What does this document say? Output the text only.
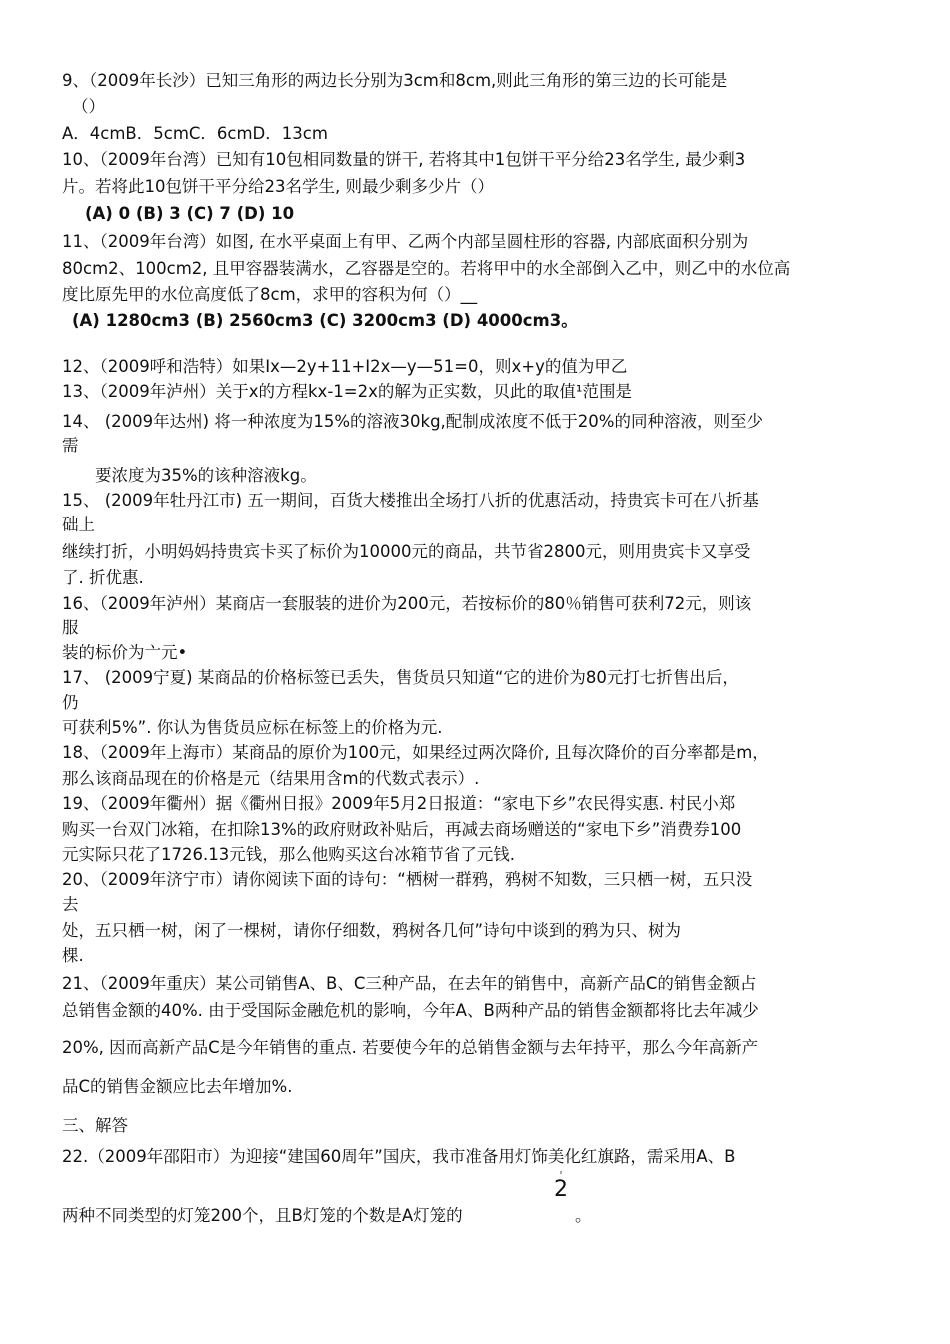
9、（2009年长沙）已知三角形的两边长分别为3cm和8cm,则此三角形的第三边的长可能是
（）
A．4cmB．5cmC．6cmD．13cm
10、（2009年台湾）已知有10包相同数量的饼干, 若将其中1包饼干平分给23名学生, 最少剩3
片。若将此10包饼干平分给23名学生, 则最少剩多少片（）
(A) 0 (B) 3 (C) 7 (D) 10
11、（2009年台湾）如图, 在水平桌面上有甲、乙两个内部呈圆柱形的容器, 内部底面积分别为
80cm2、100cm2, 且甲容器装满水，乙容器是空的。若将甲中的水全部倒入乙中，则乙中的水位高
度比原先甲的水位高度低了8cm，求甲的容积为何（）__
(A) 1280cm3 (B) 2560cm3 (C) 3200cm3 (D) 4000cm3。
12、（2009呼和浩特）如果Ix—2y+11+I2x—y—51=0，则x+y的值为甲乙
13、（2009年泸州）关于x的方程kx-1=2x的解为正实数，贝此的取值¹范围是
14、 (2009年达州) 将一种浓度为15%的溶液30kg,配制成浓度不低于20%的同种溶液，则至少
需
要浓度为35%的该种溶液kg。
15、 (2009年牡丹江市) 五一期间，百货大楼推出全场打八折的优惠活动，持贵宾卡可在八折基
础上
继续打折，小明妈妈持贵宾卡买了标价为10000元的商品，共节省2800元，则用贵宾卡又享受
了. 折优惠.
16、（2009年泸州）某商店一套服装的进价为200元，若按标价的80％销售可获利72元，则该
服
装的标价为亠元•
17、 (2009宁夏) 某商品的价格标签已丢失，售货员只知道“它的进价为80元打七折售出后，
仍
可获利5%”. 你认为售货员应标在标签上的价格为元.
18、（2009年上海市）某商品的原价为100元，如果经过两次降价, 且每次降价的百分率都是m，
那么该商品现在的价格是元（结果用含m的代数式表示）.
19、（2009年衢州）据《衢州日报》2009年5月2日报道：“家电下乡”农民得实惠. 村民小郑
购买一台双门冰箱，在扣除13%的政府财政补贴后，再减去商场赠送的“家电下乡”消费券100
元实际只花了1726.13元钱，那么他购买这台冰箱节省了元钱.
20、（2009年济宁市）请你阅读下面的诗句：“栖树一群鸦，鸦树不知数，三只栖一树，五只没
去
处，五只栖一树，闲了一棵树，请你仔细数，鸦树各几何”诗句中谈到的鸦为只、树为
棵.
21、（2009年重庆）某公司销售A、B、C三种产品，在去年的销售中，高新产品C的销售金额占
总销售金额的40%. 由于受国际金融危机的影响，今年A、B两种产品的销售金额都将比去年减少
20%, 因而高新产品C是今年销售的重点. 若要使今年的总销售金额与去年持平，那么今年高新产
品C的销售金额应比去年增加%.
三、解答
22.（2009年邵阳市）为迎接“建国60周年”国庆，我市准备用灯饰美化红旗路，需采用A、B
两种不同类型的灯笼200个，且B灯笼的个数是A灯笼的
²
2
。
